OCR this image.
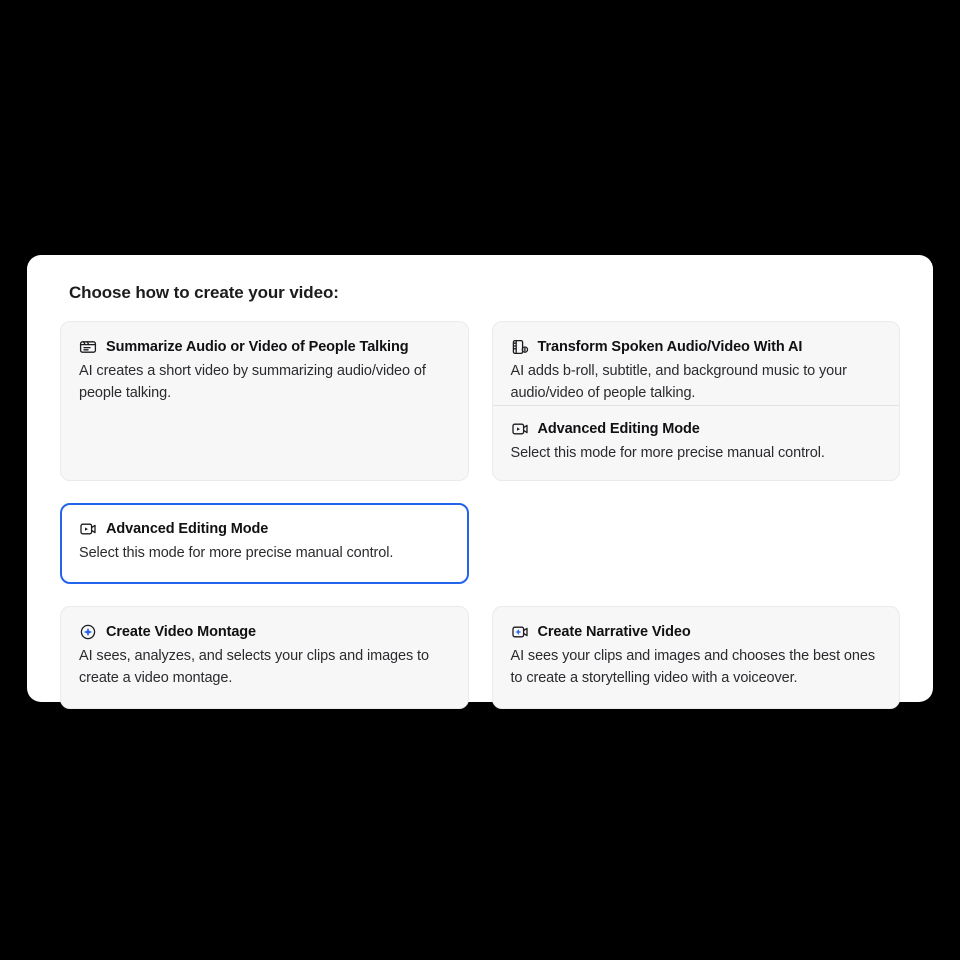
Choose how to create your video:
Summarize Audio or Video of People Talking
AI creates a short video by summarizing audio/video of people talking.
Transform Spoken Audio/Video With AI
AI adds b-roll, subtitle, and background music to your audio/video of people talking.
Advanced Editing Mode
Select this mode for more precise manual control.
Advanced Editing Mode
Select this mode for more precise manual control.
Create Video Montage
AI sees, analyzes, and selects your clips and images to create a video montage.
Create Narrative Video
AI sees your clips and images and chooses the best ones to create a storytelling video with a voiceover.
